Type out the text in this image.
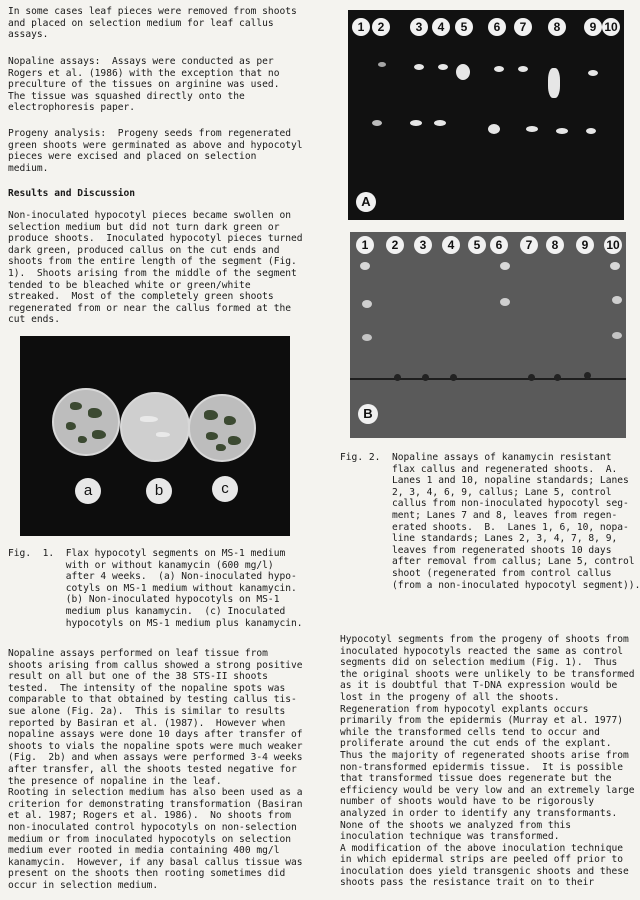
In some cases leaf pieces were removed from shoots
and placed on selection medium for leaf callus
assays.
Nopaline assays:  Assays were conducted as per
Rogers et al. (1986) with the exception that no
preculture of the tissues on arginine was used.
The tissue was squashed directly onto the
electrophoresis paper.
Progeny analysis:  Progeny seeds from regenerated
green shoots were germinated as above and hypocotyl
pieces were excised and placed on selection
medium.
Results and Discussion
Non-inoculated hypocotyl pieces became swollen on
selection medium but did not turn dark green or
produce shoots.  Inoculated hypocotyl pieces turned
dark green, produced callus on the cut ends and
shoots from the entire length of the segment (Fig.
1).  Shoots arising from the middle of the segment
tended to be bleached white or green/white
streaked.  Most of the completely green shoots
regenerated from or near the callus formed at the
cut ends.
a	b	c
Fig.  1.  Flax hypocotyl segments on MS-1 medium
with or without kanamycin (600 mg/l)
after 4 weeks.  (a) Non-inoculated hypo-
cotyls on MS-1 medium without kanamycin.
(b) Non-inoculated hypocotyls on MS-1
medium plus kanamycin.  (c) Inoculated
hypocotyls on MS-1 medium plus kanamycin.
1	2	3	4	5	6	7	8	9 10
A
1	2	3	4	5	6	7	8	9	10
B
Fig. 2.  Nopaline assays of kanamycin resistant
flax callus and regenerated shoots.  A.
Lanes 1 and 10, nopaline standards; Lanes
2, 3, 4, 6, 9, callus; Lane 5, control
callus from non-inoculated hypocotyl seg-
ment; Lanes 7 and 8, leaves from regen-
erated shoots.  B.  Lanes 1, 6, 10, nopa-
line standards; Lanes 2, 3, 4, 7, 8, 9,
leaves from regenerated shoots 10 days
after removal from callus; Lane 5, control
shoot (regenerated from control callus
(from a non-inoculated hypocotyl segment)).
Nopaline assays performed on leaf tissue from
shoots arising from callus showed a strong positive
result on all but one of the 38 STS-II shoots
tested.  The intensity of the nopaline spots was
comparable to that obtained by testing callus tis-
sue alone (Fig. 2a).  This is similar to results
reported by Basiran et al. (1987).  However when
nopaline assays were done 10 days after transfer of
shoots to vials the nopaline spots were much weaker
(Fig.  2b) and when assays were performed 3-4 weeks
after transfer, all the shoots tested negative for
the presence of nopaline in the leaf.
Rooting in selection medium has also been used as a
criterion for demonstrating transformation (Basiran
et al. 1987; Rogers et al. 1986).  No shoots from
non-inoculated control hypocotyls on non-selection
medium or from inoculated hypocotyls on selection
medium ever rooted in media containing 400 mg/l
kanamycin.  However, if any basal callus tissue was
present on the shoots then rooting sometimes did
occur in selection medium.
Hypocotyl segments from the progeny of shoots from
inoculated hypocotyls reacted the same as control
segments did on selection medium (Fig. 1).  Thus
the original shoots were unlikely to be transformed
as it is doubtful that T-DNA expression would be
lost in the progeny of all the shoots.
Regeneration from hypocotyl explants occurs
primarily from the epidermis (Murray et al. 1977)
while the transformed cells tend to occur and
proliferate around the cut ends of the explant.
Thus the majority of regenerated shoots arise from
non-transformed epidermis tissue.  It is possible
that transformed tissue does regenerate but the
efficiency would be very low and an extremely large
number of shoots would have to be rigorously
analyzed in order to identify any transformants.
None of the shoots we analyzed from this
inoculation technique was transformed.
A modification of the above inoculation technique
in which epidermal strips are peeled off prior to
inoculation does yield transgenic shoots and these
shoots pass the resistance trait on to their
